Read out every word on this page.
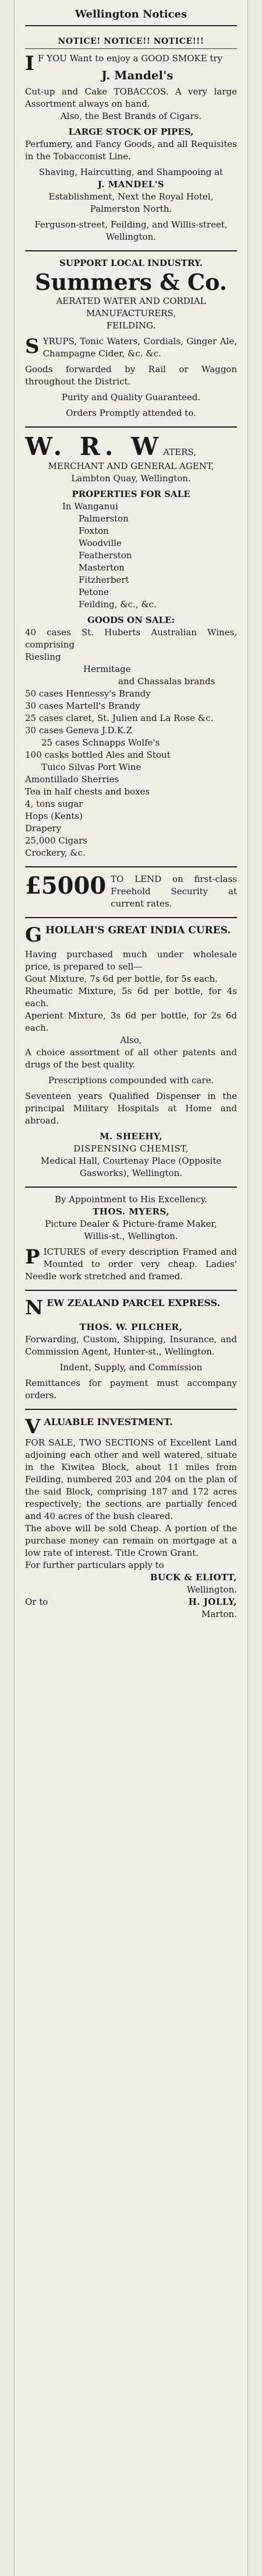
Wellington Notices
NOTICE! NOTICE!! NOTICE!!!

I F YOU Want to enjoy a GOOD SMOKE try

J. Mandel's

Cut-up and Cake TOBACCOS. A very large Assortment always on hand.

Also, the Best Brands of Cigars.

LARGE STOCK OF PIPES,

Perfumery, and Fancy Goods, and all Requisites in the Tobacconist Line.

Shaving, Haircutting, and Shampooing at

J. MANDEL'S

Establishment, Next the Royal Hotel, Palmerston North.

Ferguson-street, Feilding, and Willis-street, Wellington.

SUPPORT LOCAL INDUSTRY.

Summers & Co.

AERATED WATER AND CORDIAL MANUFACTURERS,

FEILDING.

SYRUPS, Tonic Waters, Cordials, Ginger Ale, Champagne Cider, &c. &c.

Goods forwarded by Rail or Waggon throughout the District.

Purity and Quality Guaranteed.

Orders Promptly attended to.

W. R. WATERS,

MERCHANT AND GENERAL AGENT,

Lambton Quay, Wellington.

PROPERTIES FOR SALE

In Wanganui

Palmerston

Foxton

Woodville

Featherston

Masterton

Fitzherbert

Petone

Feilding, &c., &c.

GOODS ON SALE:

40 cases St. Huberts Australian Wines, comprising

Riesling

Hermitage

and Chassalas brands

50 cases Hennessy's Brandy

30 cases Martell's Brandy

25 cases claret, St. Julien and La Rose &c.

30 cases Geneva J.D.K.Z

25 cases Schnapps Wolfe's

100 casks bottled Ales and Stout

Tuico Silvas Port Wine

Amontillado Sherries

Tea in half chests and boxes

4, tons sugar

Hops (Kents)

Drapery

25,000 Cigars

Crockery, &c.

£5000 TO LEND on first-class Freehold Security at current rates.

GHOLLAH'S GREAT INDIA CURES.

Having purchased much under wholesale price, is prepared to sell—

Gout Mixture, 7s 6d per bottle, for 5s each.

Rheumatic Mixture, 5s 6d per bottle, for 4s each.

Aperient Mixture, 3s 6d per bottle, for 2s 6d each.

Also,

A choice assortment of all other patents and drugs of the best quality.

Prescriptions compounded with care.

Seventeen years Qualified Dispenser in the principal Military Hospitals at Home and abroad.

M. SHEEHY,

DISPENSING CHEMIST,

Medical Hall, Courtenay Place (Opposite Gasworks), Wellington.

By Appointment to His Excellency.

THOS. MYERS,

Picture Dealer & Picture-frame Maker,

Willis-st., Wellington.

PICTURES of every description Framed and Mounted to order very cheap. Ladies' Needle work stretched and framed.

NEW ZEALAND PARCEL EXPRESS.

THOS. W. PILCHER,

Forwarding, Custom, Shipping, Insurance, and Commission Agent, Hunter-st., Wellington.

Indent, Supply, and Commission

Remittances for payment must accompany orders.

VALUABLE INVESTMENT.

FOR SALE, TWO SECTIONS of Excellent Land adjoining each other and well watered, situate in the Kiwitea Block, about 11 miles from Feilding, numbered 203 and 204 on the plan of the said Block, comprising 187 and 172 acres respectively; the sections are partially fenced and 40 acres of the bush cleared.

The above will be sold Cheap. A portion of the purchase money can remain on mortgage at a low rate of interest. Title Crown Grant.

For further particulars apply to

BUCK & ELIOTT,

Wellington.

Or to	H. JOLLY,

Marton.
